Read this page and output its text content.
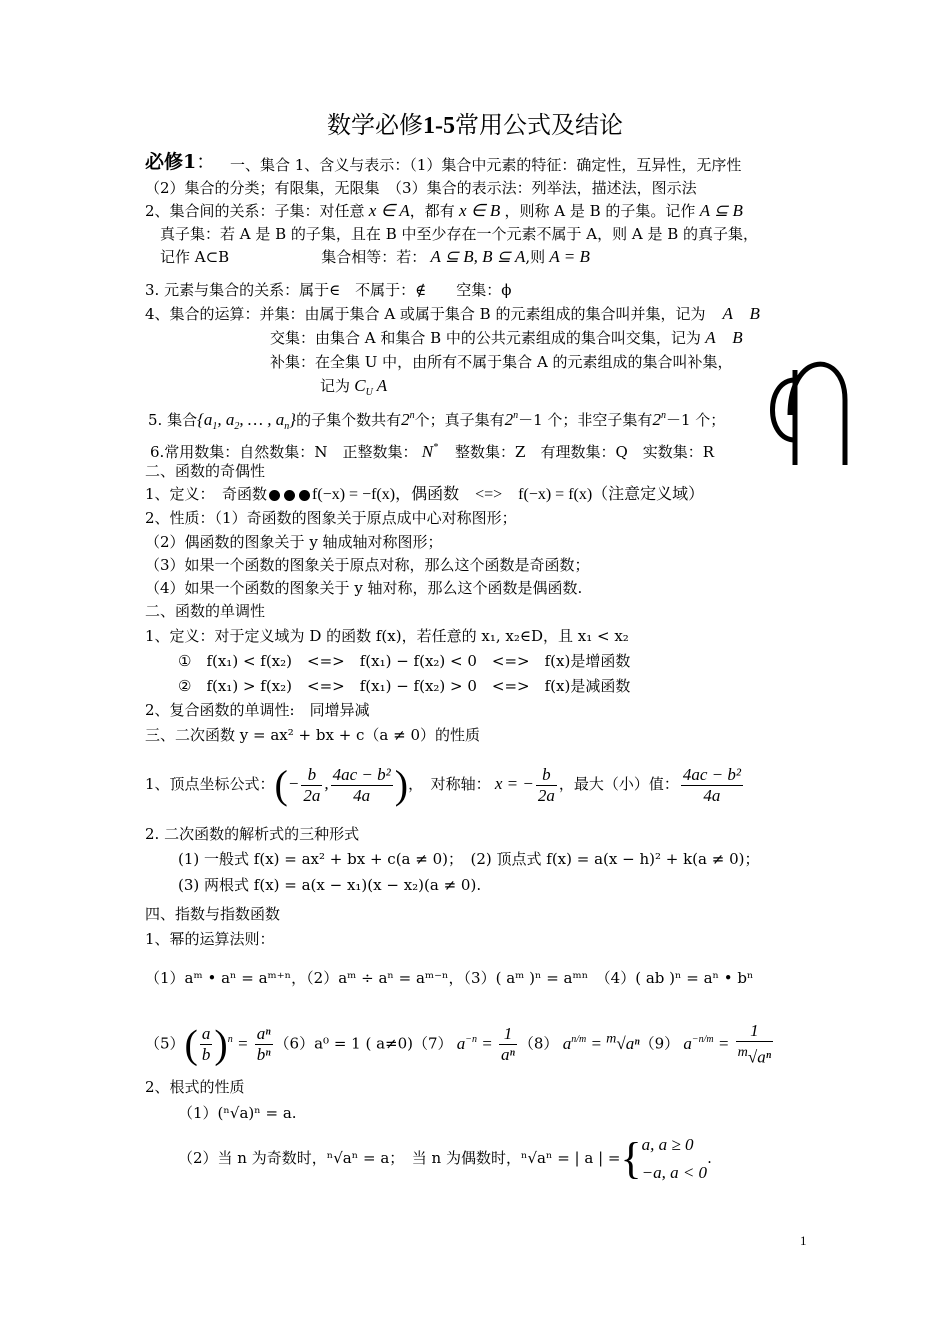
数学必修1-5常用公式及结论
必修1： 一、集合 1、含义与表示：（1）集合中元素的特征：确定性，互异性，无序性
（2）集合的分类；有限集，无限集　（3）集合的表示法：列举法，描述法，图示法
2、集合间的关系：子集：对任意 x ∈ A，都有 x ∈ B ，则称 A 是 B 的子集。记作 A ⊆ B
真子集：若 A 是 B 的子集，且在 B 中至少存在一个元素不属于 A，则 A 是 B 的真子集，
记作 A⊂B	集合相等：若： A ⊆ B, B ⊆ A,则 A = B
3. 元素与集合的关系：属于∈　不属于：∉　　空集：ϕ
4、集合的运算：并集：由属于集合 A 或属于集合 B 的元素组成的集合叫并集，记为　A　B
交集：由集合 A 和集合 B 中的公共元素组成的集合叫交集，记为 A　B
补集：在全集 U 中，由所有不属于集合 A 的元素组成的集合叫补集，
记为 $C_U$ A
5. 集合{$a_1$, $a_2$, … , $a_n$}的子集个数共有2$^n$个；真子集有$2^n-1$ 个；非空子集有$2^n-1$ 个；
6.常用数集：自然数集：N　正整数集： N*　 整数集：Z　有理数集：Q　实数集：R
二、函数的奇偶性
1、定义：　奇函数	f(−x) = −f(x)，偶函数　<=>　f(−x) = f(x)（注意定义域）
2、性质：（1）奇函数的图象关于原点成中心对称图形；
（2）偶函数的图象关于 y 轴成轴对称图形；
（3）如果一个函数的图象关于原点对称，那么这个函数是奇函数；
（4）如果一个函数的图象关于 y 轴对称，那么这个函数是偶函数.
二、函数的单调性
1、定义：对于定义域为 D 的函数 f(x)，若任意的 x₁, x₂∈D，且 x₁ < x₂
①　f(x₁) < f(x₂)　<=>　f(x₁) − f(x₂) < 0　<=>　f(x)是增函数
②　f(x₁) > f(x₂)　<=>　f(x₁) − f(x₂) > 0　<=>　f(x)是减函数
2、复合函数的单调性:　同增异减
三、二次函数 y = ax² + bx + c（a ≠ 0）的性质
1、顶点坐标公式：(− $\frac{b}{2a}$ , $\frac{\text{4ac − b²}}{4a}$ )，　对称轴： x = − $\frac{b}{2a}$ ，最大（小）值： $\frac{\text{4ac − b²}}{4a}$
2. 二次函数的解析式的三种形式
(1) 一般式 f(x) = ax² + bx + c(a ≠ 0)；　(2) 顶点式 f(x) = a(x − h)² + k(a ≠ 0)；
(3) 两根式 f(x) = a(x − x₁)(x − x₂)(a ≠ 0).
四、指数与指数函数
1、幂的运算法则：
（1）aᵐ • aⁿ = aᵐ⁺ⁿ，（2）aᵐ ÷ aⁿ = aᵐ⁻ⁿ，（3）( aᵐ )ⁿ = aᵐⁿ　（4）( ab )ⁿ = aⁿ • bⁿ
$(5)( \frac{a}{b} )^n = \frac{\text{aⁿ}}{\text{bⁿ}} (6)a^0 = 1$ ( a≠0)（7） $a^{-n} = \frac{1}{\text{aⁿ}} (8) a^{n/m} = ^m√a^n(9) a^{-n/m} = \frac{1}{^m√a^n}$
2、根式的性质
（1）(ⁿ√a)ⁿ = a.
（2）当 n 为奇数时，ⁿ√aⁿ = a；　当 n 为偶数时，ⁿ√aⁿ = | a | ={ a, a ≥ 0
−a, a < 0
.
1
